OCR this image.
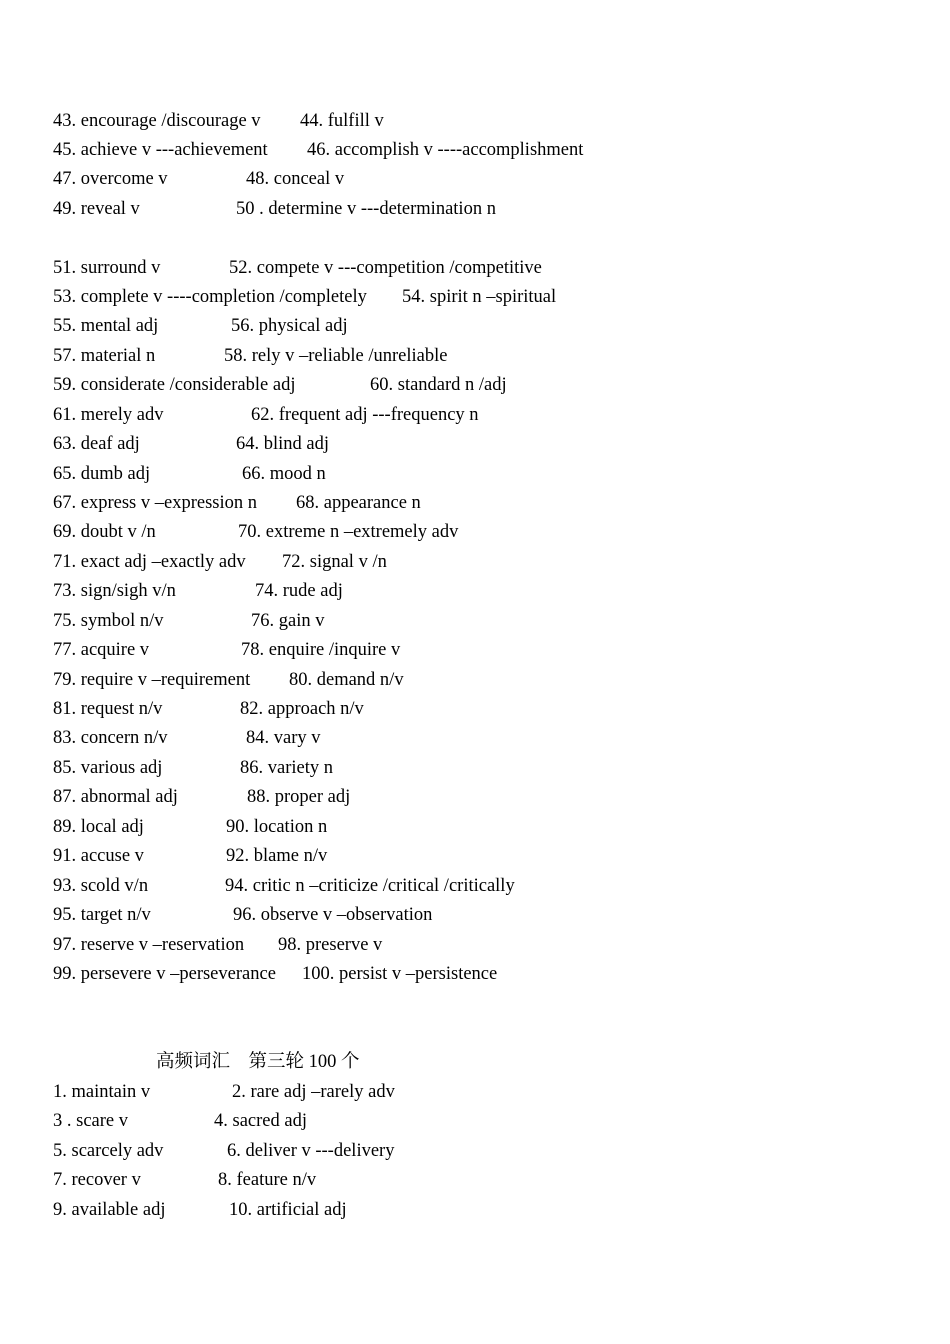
43. encourage /discourage v 44. fulfill v
45. achieve v ---achievement 46. accomplish v ----accomplishment
47. overcome v	48. conceal v
49. reveal v	50 . determine v ---determination n
51. surround v	52. compete v ---competition /competitive
53. complete v ----completion /completely 54. spirit n –spiritual
55. mental adj	56. physical adj
57. material n	58. rely v –reliable /unreliable
59. considerate /considerable adj	60. standard n /adj
61. merely adv	62. frequent adj ---frequency n
63. deaf adj	64. blind adj
65. dumb adj	66. mood n
67. express v –expression n 68. appearance n
69. doubt v /n	70. extreme n –extremely adv
71. exact adj –exactly adv 72. signal v /n
73. sign/sigh v/n	74. rude adj
75. symbol n/v	76. gain v
77. acquire v	78. enquire /inquire v
79. require v –requirement 80. demand n/v
81. request n/v	82. approach n/v
83. concern n/v	84. vary v
85. various adj	86. variety n
87. abnormal adj	88. proper adj
89. local adj	90. location n
91. accuse v	92. blame n/v
93. scold v/n	94. critic n –criticize /critical /critically
95. target n/v	96. observe v –observation
97. reserve v –reservation 98. preserve v
99. persevere v –perseverance 100. persist v –persistence
高频词汇    第三轮 100 个
1. maintain v	2. rare adj –rarely adv
3 . scare v	4. sacred adj
5. scarcely adv	6. deliver v ---delivery
7. recover v	8. feature n/v
9. available adj	10. artificial adj
